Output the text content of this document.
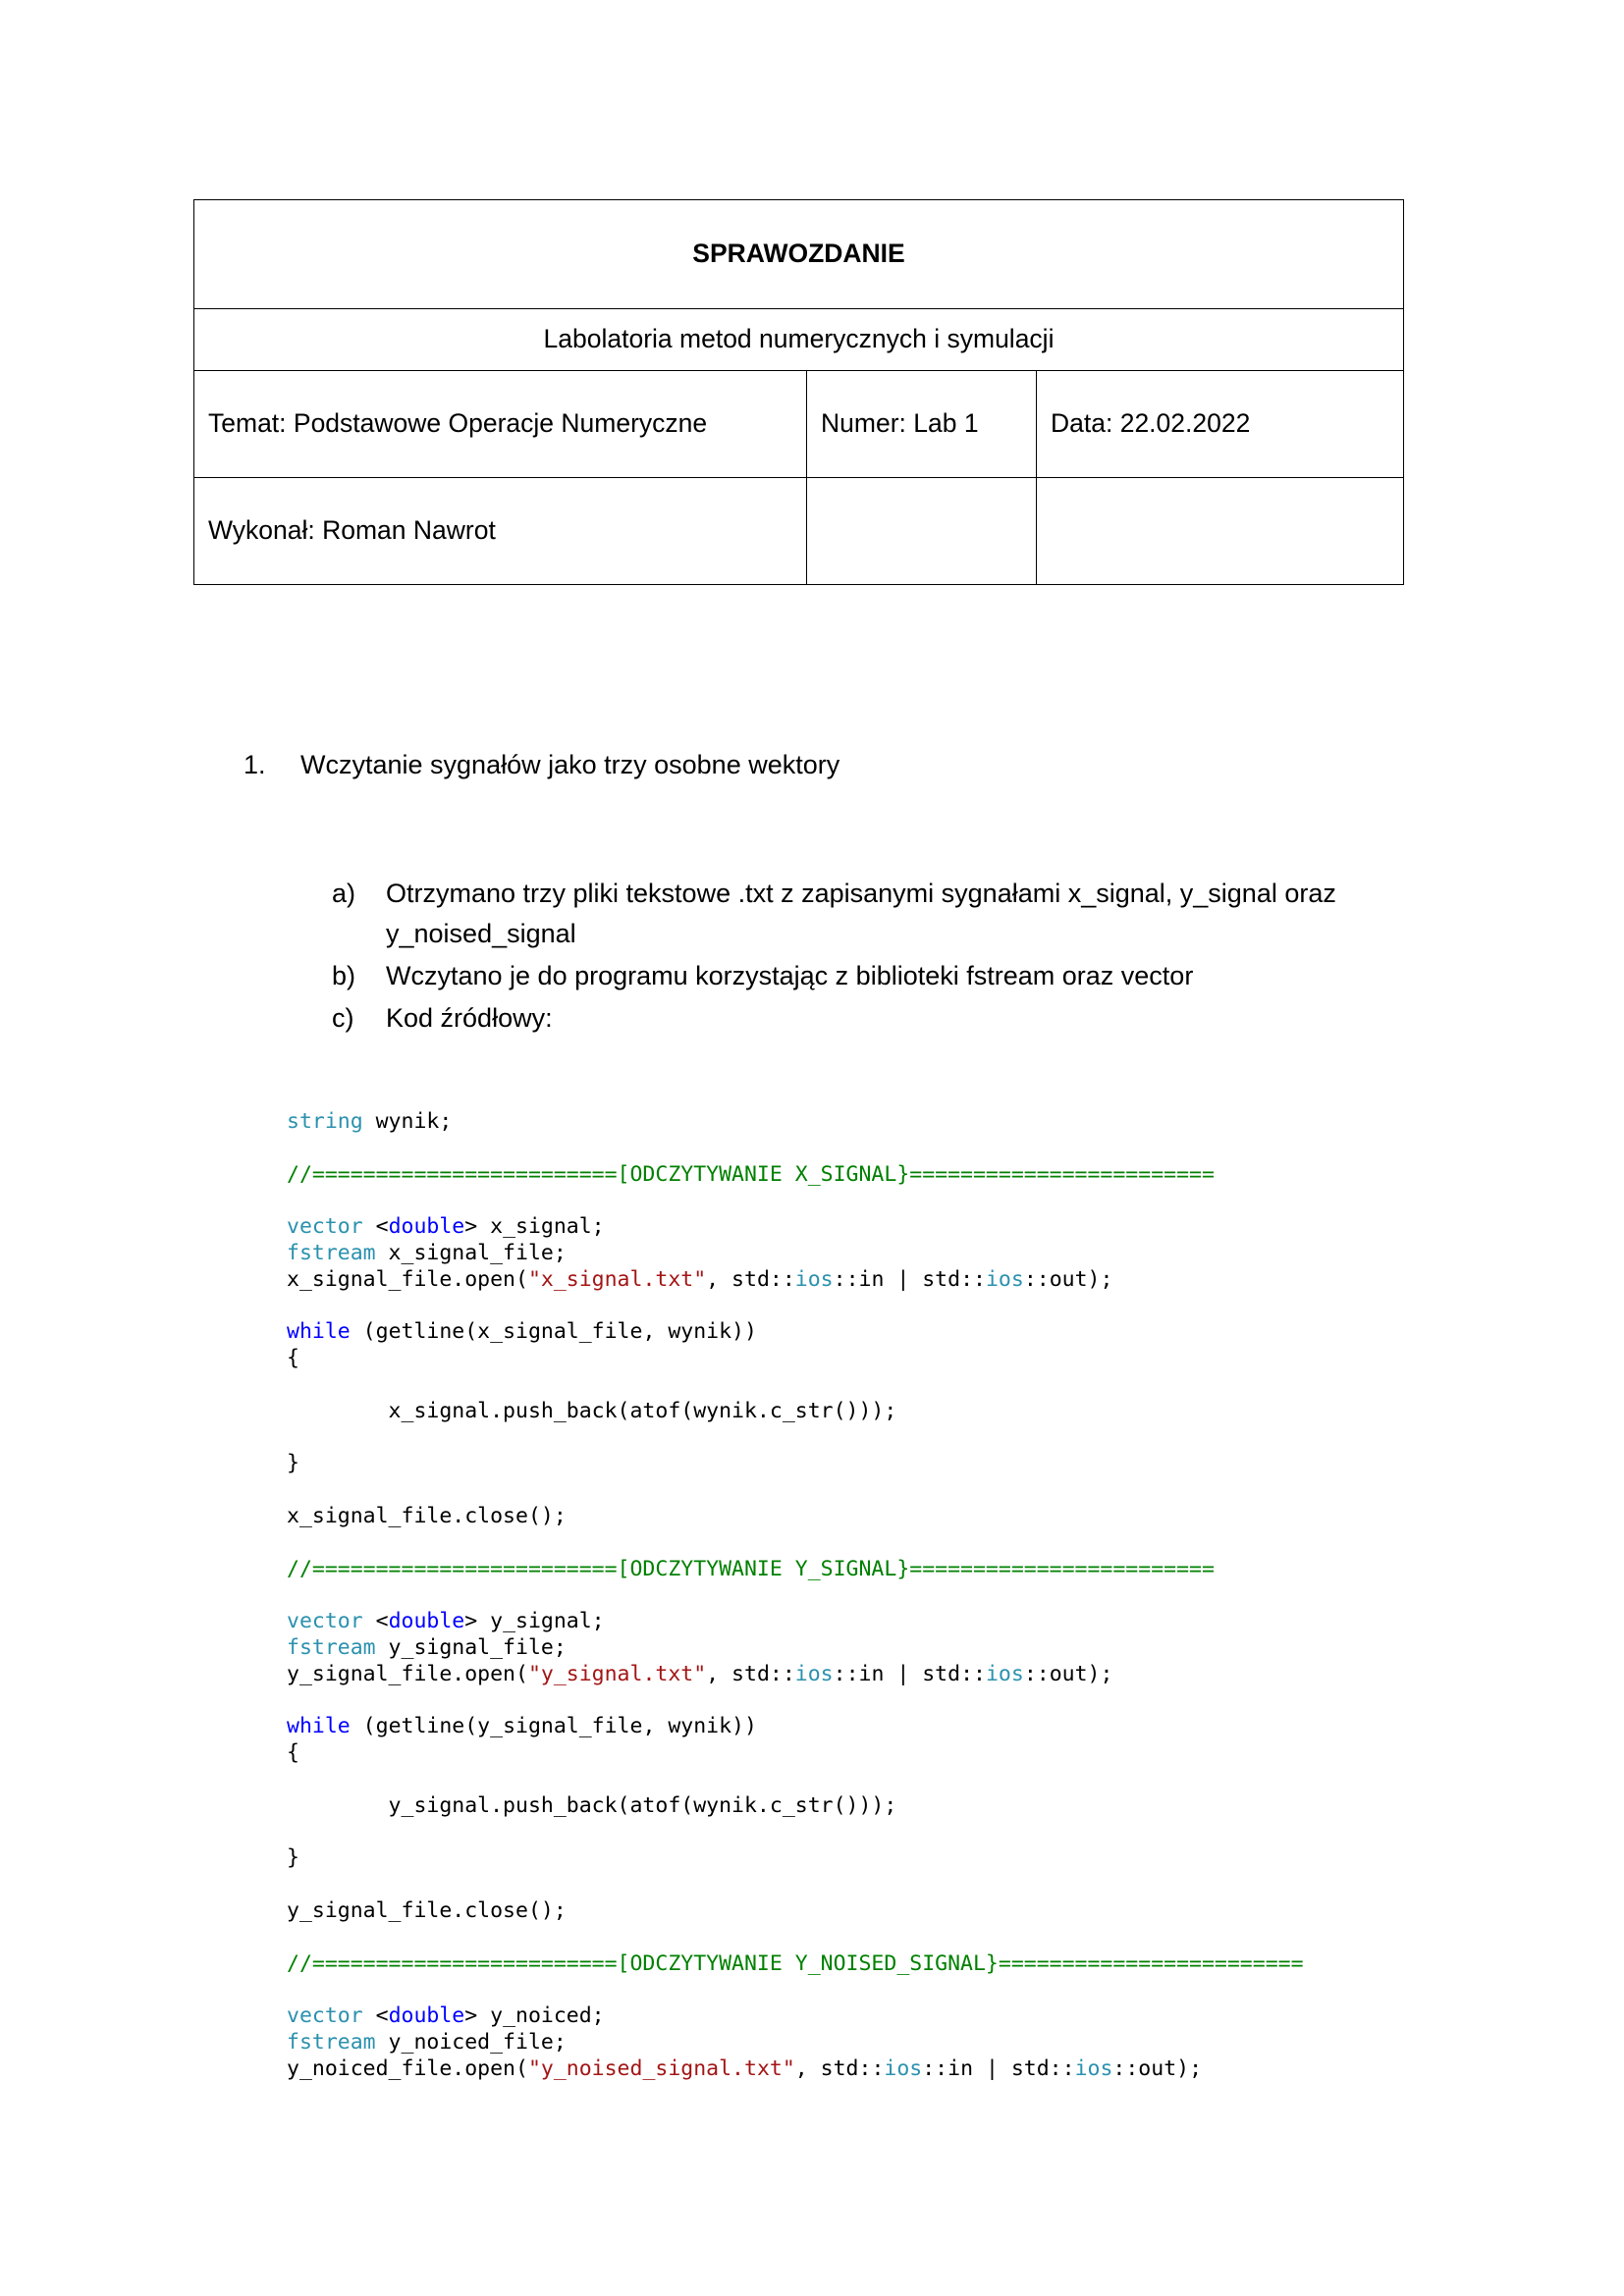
SPRAWOZDANIE		
Labolatoria metod numerycznych i symulacji		
Temat: Podstawowe Operacje Numeryczne	Numer: Lab 1	Data: 22.02.2022
Wykonał: Roman Nawrot		
1.	Wczytanie sygnałów jako trzy osobne wektory
a)	Otrzymano trzy pliki tekstowe .txt z zapisanymi sygnałami x_signal, y_signal oraz y_noised_signal
b)	Wczytano je do programu korzystając z biblioteki fstream oraz vector
c)	Kod źródłowy:
string wynik;

//========================[ODCZYTYWANIE X_SIGNAL}========================

vector <double> x_signal;
fstream x_signal_file;
x_signal_file.open("x_signal.txt", std::ios::in | std::ios::out);

while (getline(x_signal_file, wynik))
{

x_signal.push_back(atof(wynik.c_str()));

}

x_signal_file.close();

//========================[ODCZYTYWANIE Y_SIGNAL}========================

vector <double> y_signal;
fstream y_signal_file;
y_signal_file.open("y_signal.txt", std::ios::in | std::ios::out);

while (getline(y_signal_file, wynik))
{

y_signal.push_back(atof(wynik.c_str()));

}

y_signal_file.close();

//========================[ODCZYTYWANIE Y_NOISED_SIGNAL}========================

vector <double> y_noiced;
fstream y_noiced_file;
y_noiced_file.open("y_noised_signal.txt", std::ios::in | std::ios::out);
